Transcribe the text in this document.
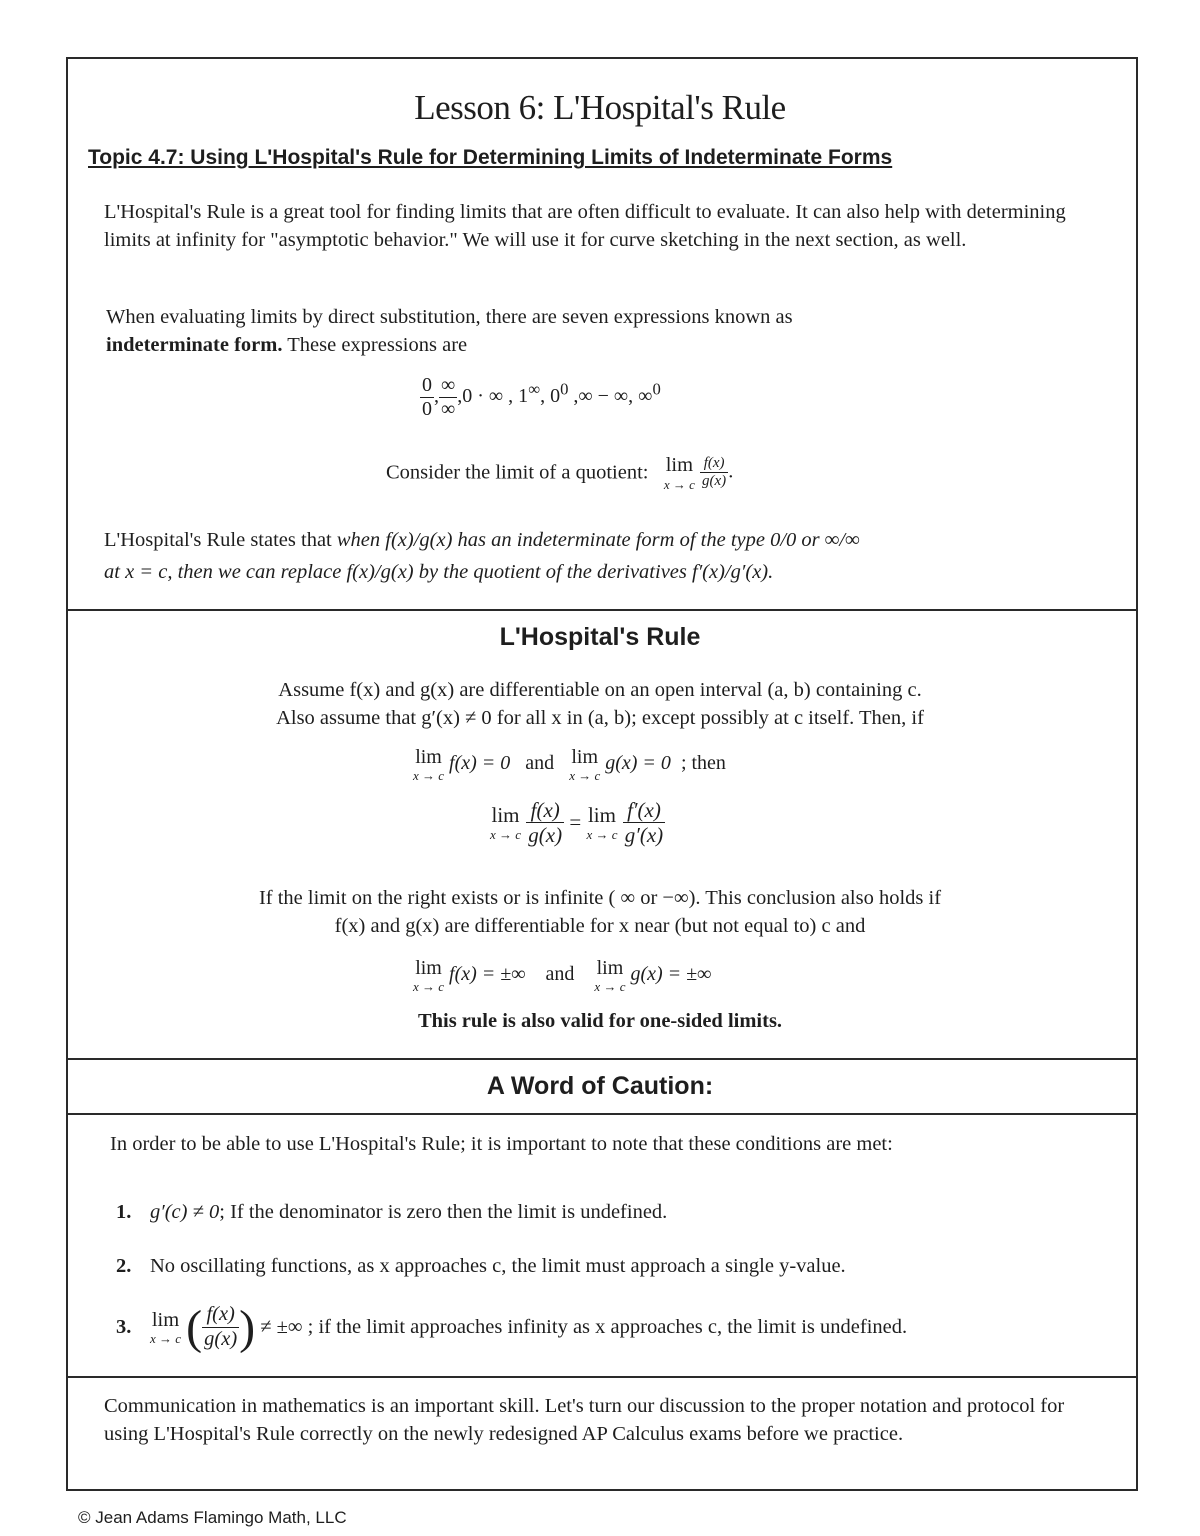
Lesson 6: L'Hospital's Rule
Topic 4.7: Using L'Hospital's Rule for Determining Limits of Indeterminate Forms
L'Hospital's Rule is a great tool for finding limits that are often difficult to evaluate. It can also help with determining limits at infinity for "asymptotic behavior." We will use it for curve sketching in the next section, as well.
When evaluating limits by direct substitution, there are seven expressions known as
indeterminate form. These expressions are
$\frac{0}{0}$ , $\frac{\infty}{\infty} ,0$ · ∞ , 1∞, $0^0$ ,∞ − ∞, ∞$^0$
Consider the limit of a quotient: lim
x → c
$\frac{f(x)}{g(x)}$ .
L'Hospital's Rule states that when f(x)/g(x) has an indeterminate form of the type 0/0 or ∞/∞
at x = c, then we can replace f(x)/g(x) by the quotient of the derivatives f′(x)/g′(x).
L'Hospital's Rule
Assume f(x) and g(x) are differentiable on an open interval (a, b) containing c.
Also assume that g′(x) ≠ 0 for all x in (a, b); except possibly at c itself. Then, if
lim
x → c
f(x) = 0 and lim
x → c
g(x) = 0 ; then
lim
x → c
$\frac{f(x)}{g(x)} = \lim$
x → c
$\frac{f'(x)}{g'(x)}$
If the limit on the right exists or is infinite ( ∞ or −∞). This conclusion also holds if
f(x) and g(x) are differentiable for x near (but not equal to) c and
lim
x → c
f(x) = ±∞ and lim
x → c
g(x) = ±∞
This rule is also valid for one-sided limits.
A Word of Caution:
In order to be able to use L'Hospital's Rule; it is important to note that these conditions are met:
1. g′(c) ≠ 0; If the denominator is zero then the limit is undefined.
2. No oscillating functions, as x approaches c, the limit must approach a single y-value.
3. lim
x → c ( $\frac{f(x)}{g(x)}$ ) ≠ ±∞ ; if the limit approaches infinity as x approaches c, the limit is undefined.
Communication in mathematics is an important skill. Let's turn our discussion to the proper notation and protocol for using L'Hospital's Rule correctly on the newly redesigned AP Calculus exams before we practice.
© Jean Adams Flamingo Math, LLC
